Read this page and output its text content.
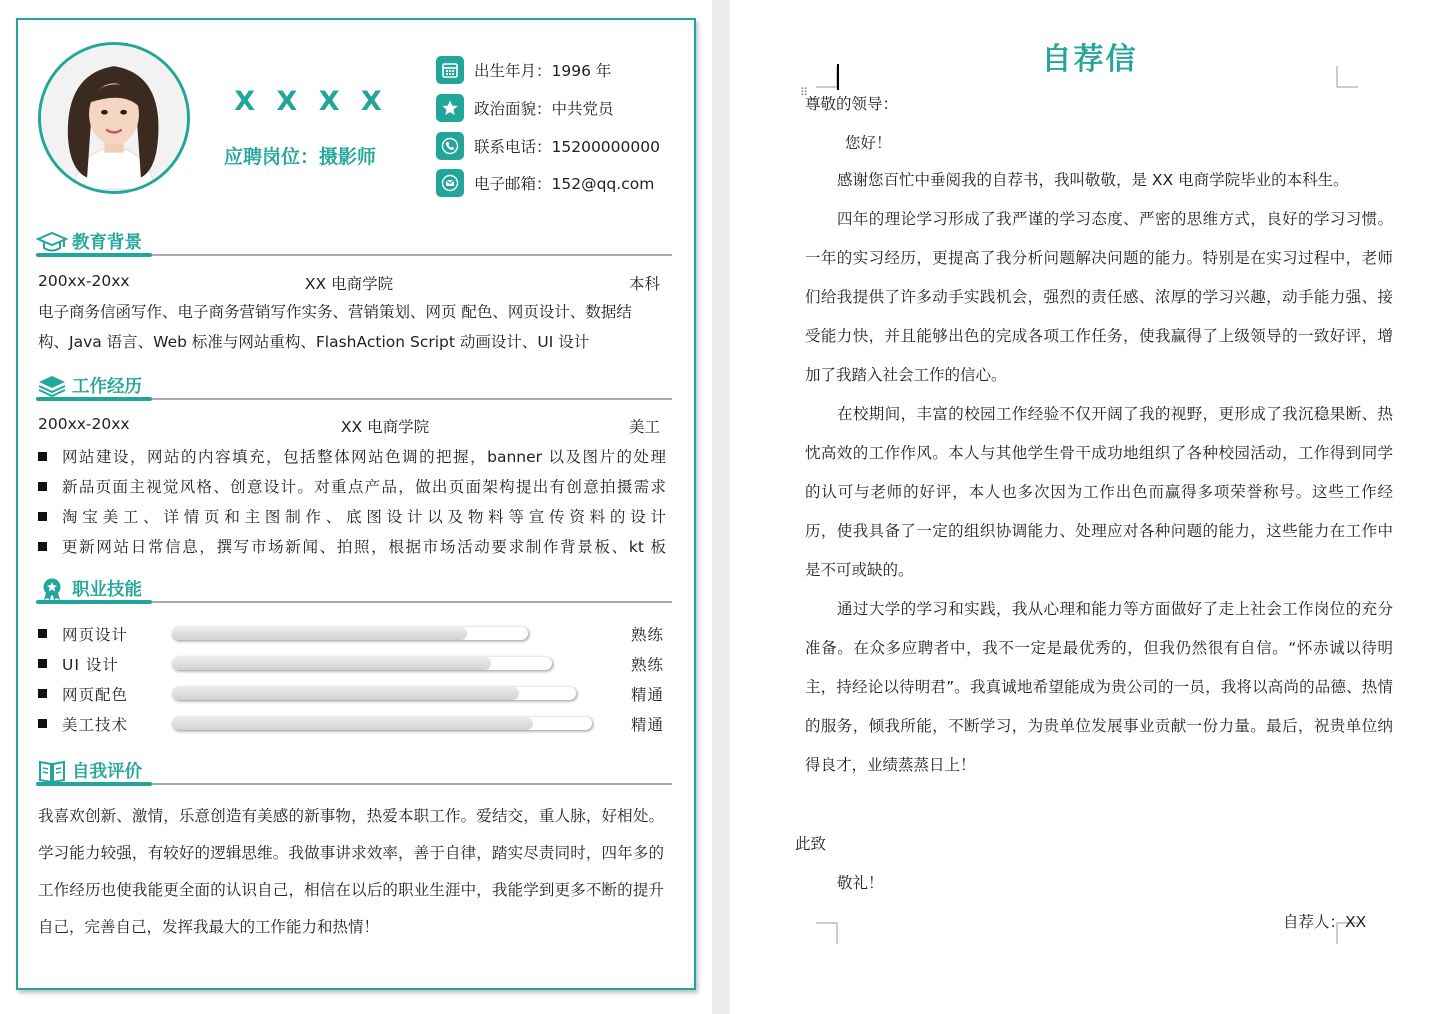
X X X X
应聘岗位：摄影师
出生年月：1996 年
政治面貌：中共党员
联系电话：15200000000
电子邮箱：152@qq.com
教育背景
200xx-20xx	XX 电商学院	本科
电子商务信函写作、电子商务营销写作实务、营销策划、网页 配色、网页设计、数据结构、Java 语言、Web 标准与网站重构、FlashAction Script 动画设计、UI 设计
工作经历
200xx-20xx	XX 电商学院	美工
网站建设，网站的内容填充，包括整体网站色调的把握，banner 以及图片的处理
新品页面主视觉风格、创意设计。对重点产品，做出页面架构提出有创意拍摄需求
淘宝美工、详情页和主图制作、底图设计以及物料等宣传资料的设计
更新网站日常信息，撰写市场新闻、拍照，根据市场活动要求制作背景板、kt 板
职业技能
网页设计	熟练
UI 设计	熟练
网页配色	精通
美工技术	精通
自我评价
我喜欢创新、激情，乐意创造有美感的新事物，热爱本职工作。爱结交，重人脉，好相处。学习能力较强，有较好的逻辑思维。我做事讲求效率，善于自律，踏实尽责同时，四年多的工作经历也使我能更全面的认识自己，相信在以后的职业生涯中，我能学到更多不断的提升自己，完善自己，发挥我最大的工作能力和热情！
自荐信
⠿
尊敬的领导：
您好！

感谢您百忙中垂阅我的自荐书，我叫敬敬，是 XX 电商学院毕业的本科生。

四年的理论学习形成了我严谨的学习态度、严密的思维方式，良好的学习习惯。一年的实习经历，更提高了我分析问题解决问题的能力。特别是在实习过程中，老师们给我提供了许多动手实践机会，强烈的责任感、浓厚的学习兴趣，动手能力强、接受能力快，并且能够出色的完成各项工作任务，使我赢得了上级领导的一致好评，增加了我踏入社会工作的信心。

在校期间，丰富的校园工作经验不仅开阔了我的视野，更形成了我沉稳果断、热忱高效的工作作风。本人与其他学生骨干成功地组织了各种校园活动，工作得到同学的认可与老师的好评，本人也多次因为工作出色而赢得多项荣誉称号。这些工作经历，使我具备了一定的组织协调能力、处理应对各种问题的能力，这些能力在工作中是不可或缺的。

通过大学的学习和实践，我从心理和能力等方面做好了走上社会工作岗位的充分准备。在众多应聘者中，我不一定是最优秀的，但我仍然很有自信。“怀赤诚以待明主，持经论以待明君”。我真诚地希望能成为贵公司的一员，我将以高尚的品德、热情的服务，倾我所能，不断学习，为贵单位发展事业贡献一份力量。最后，祝贵单位纳得良才，业绩蒸蒸日上！

此致
敬礼！
自荐人：XX
